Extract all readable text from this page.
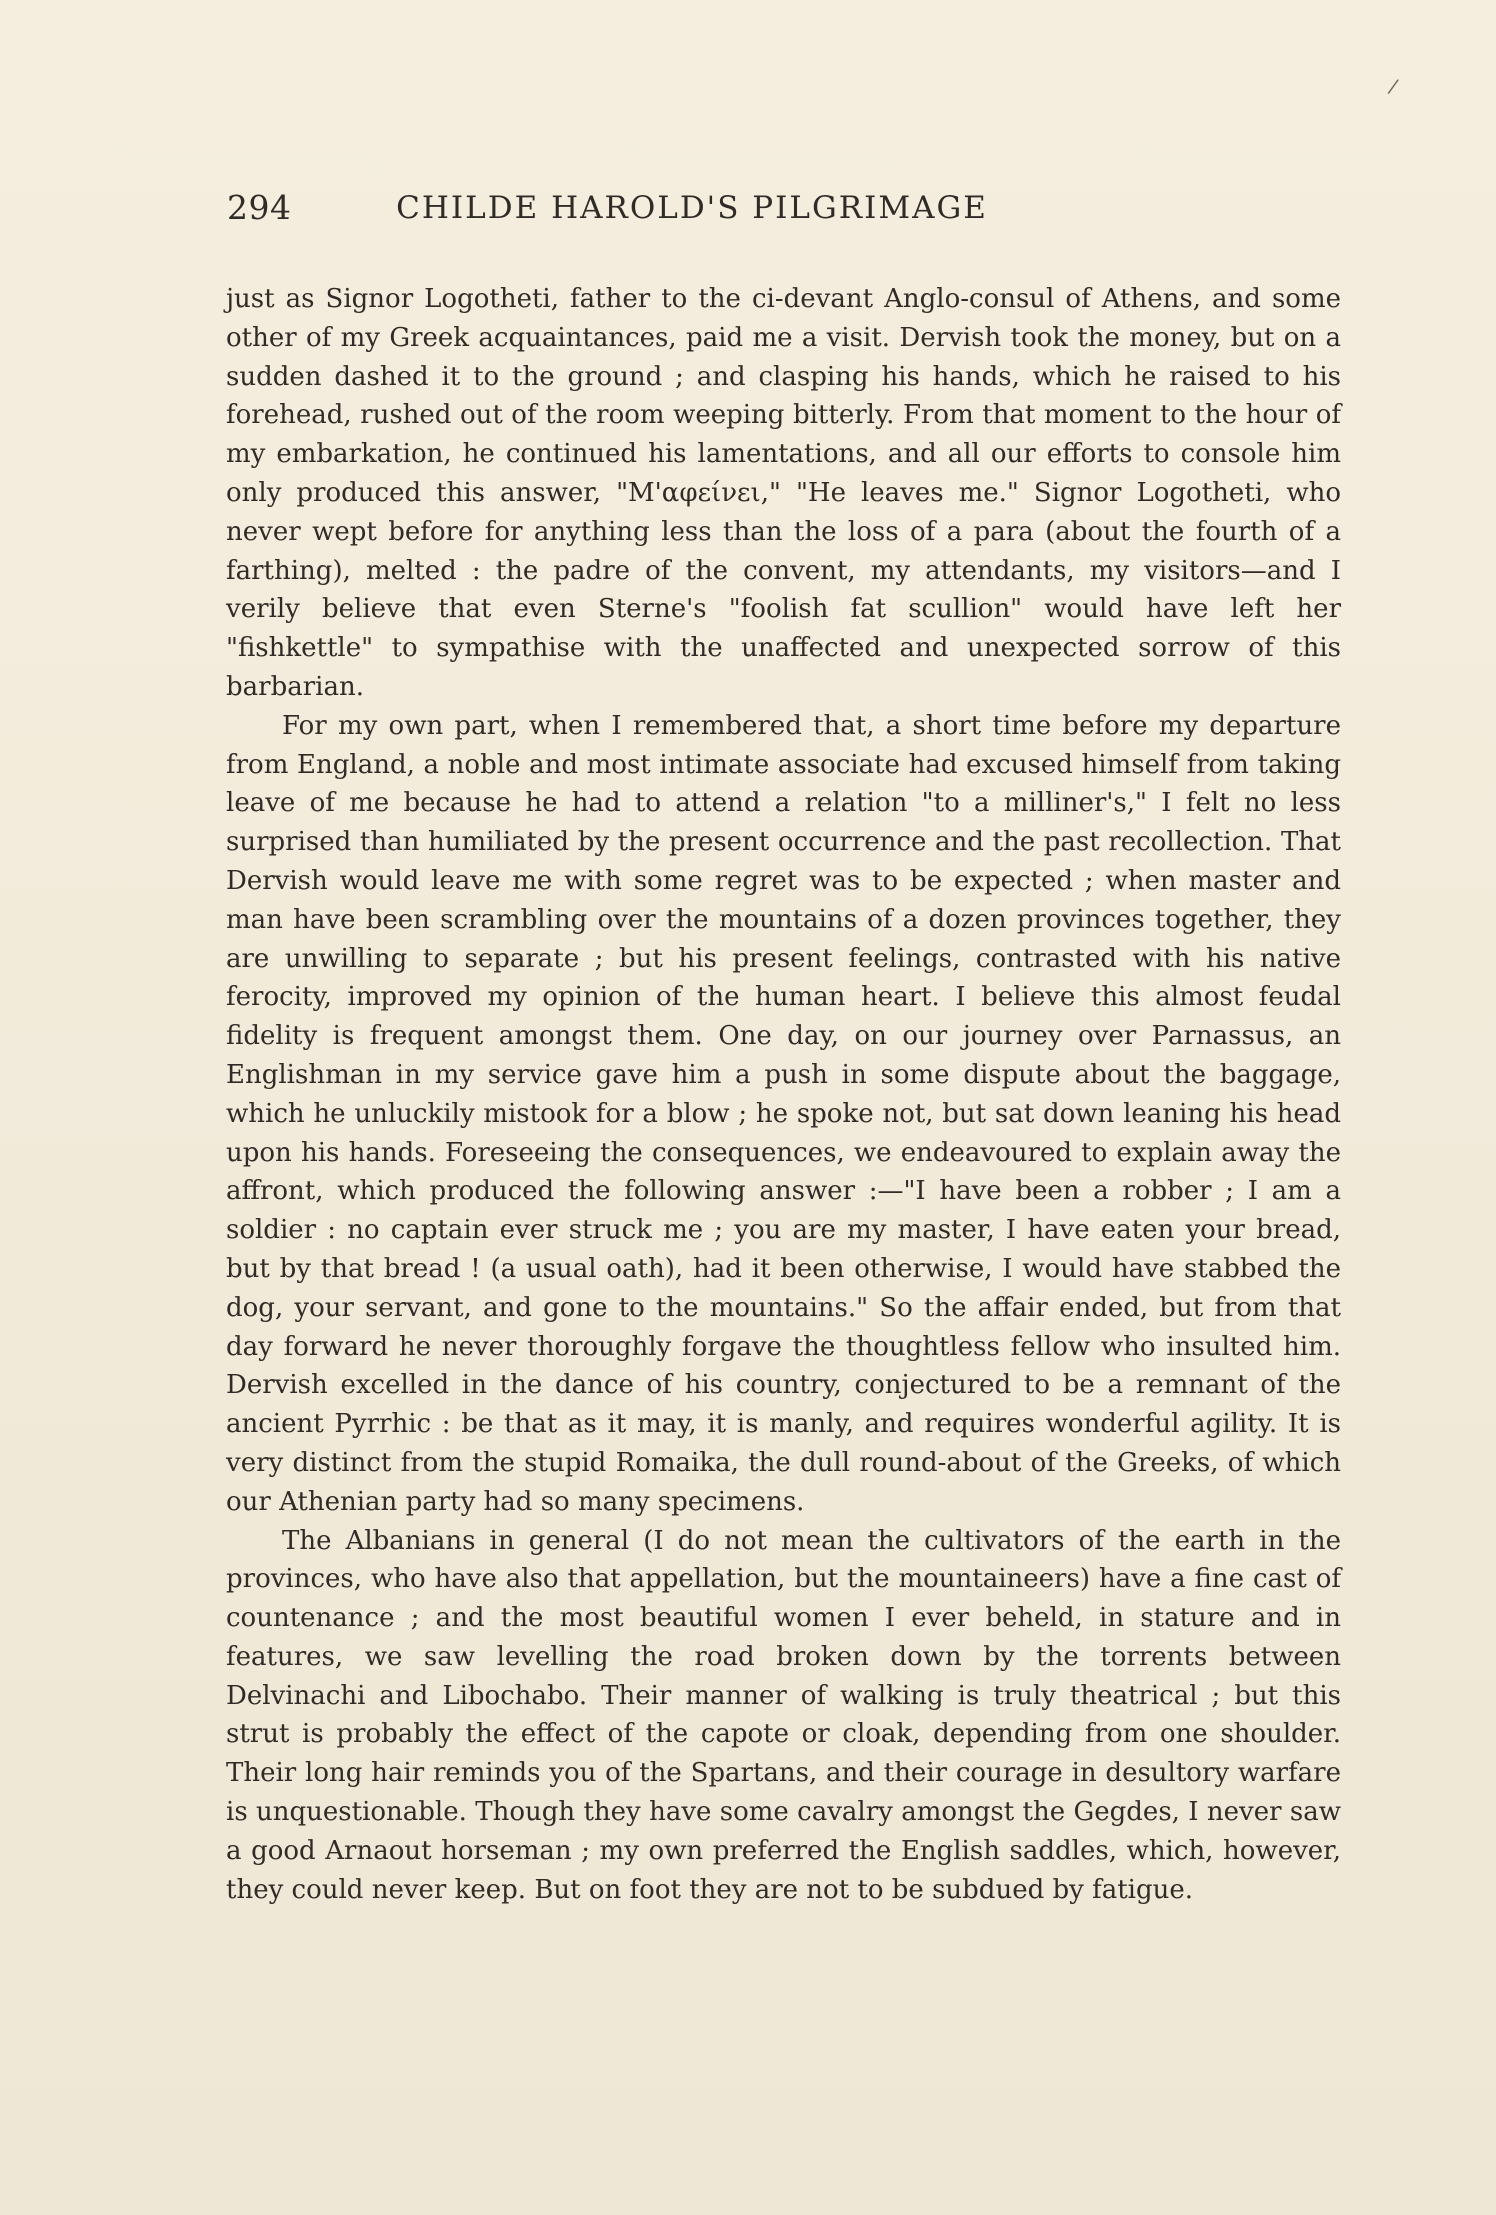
/
294	CHILDE HAROLD'S PILGRIMAGE

just as Signor Logotheti, father to the ci-devant Anglo-consul of Athens, and some other of my Greek acquaintances, paid me a visit. Dervish took the money, but on a sudden dashed it to the ground ; and clasping his hands, which he raised to his forehead, rushed out of the room weeping bitterly. From that moment to the hour of my embarkation, he continued his lamentations, and all our efforts to console him only produced this answer, "M'αφείνει," "He leaves me." Signor Logotheti, who never wept before for anything less than the loss of a para (about the fourth of a farthing), melted : the padre of the convent, my attendants, my visitors—and I verily believe that even Sterne's "foolish fat scullion" would have left her "fishkettle" to sympathise with the unaffected and unexpected sorrow of this barbarian.

For my own part, when I remembered that, a short time before my departure from England, a noble and most intimate associate had excused himself from taking leave of me because he had to attend a relation "to a milliner's," I felt no less surprised than humiliated by the present occurrence and the past recollection. That Dervish would leave me with some regret was to be expected ; when master and man have been scrambling over the mountains of a dozen provinces together, they are unwilling to separate ; but his present feelings, contrasted with his native ferocity, improved my opinion of the human heart. I believe this almost feudal fidelity is frequent amongst them. One day, on our journey over Parnassus, an Englishman in my service gave him a push in some dispute about the baggage, which he unluckily mistook for a blow ; he spoke not, but sat down leaning his head upon his hands. Foreseeing the consequences, we endeavoured to explain away the affront, which produced the following answer :—"I have been a robber ; I am a soldier : no captain ever struck me ; you are my master, I have eaten your bread, but by that bread ! (a usual oath), had it been otherwise, I would have stabbed the dog, your servant, and gone to the mountains." So the affair ended, but from that day forward he never thoroughly forgave the thoughtless fellow who insulted him. Dervish excelled in the dance of his country, conjectured to be a remnant of the ancient Pyrrhic : be that as it may, it is manly, and requires wonderful agility. It is very distinct from the stupid Romaika, the dull round-about of the Greeks, of which our Athenian party had so many specimens.

The Albanians in general (I do not mean the cultivators of the earth in the provinces, who have also that appellation, but the mountaineers) have a fine cast of countenance ; and the most beautiful women I ever beheld, in stature and in features, we saw levelling the road broken down by the torrents between Delvinachi and Libochabo. Their manner of walking is truly theatrical ; but this strut is probably the effect of the capote or cloak, depending from one shoulder. Their long hair reminds you of the Spartans, and their courage in desultory warfare is unquestionable. Though they have some cavalry amongst the Gegdes, I never saw a good Arnaout horseman ; my own preferred the English saddles, which, however, they could never keep. But on foot they are not to be subdued by fatigue.
